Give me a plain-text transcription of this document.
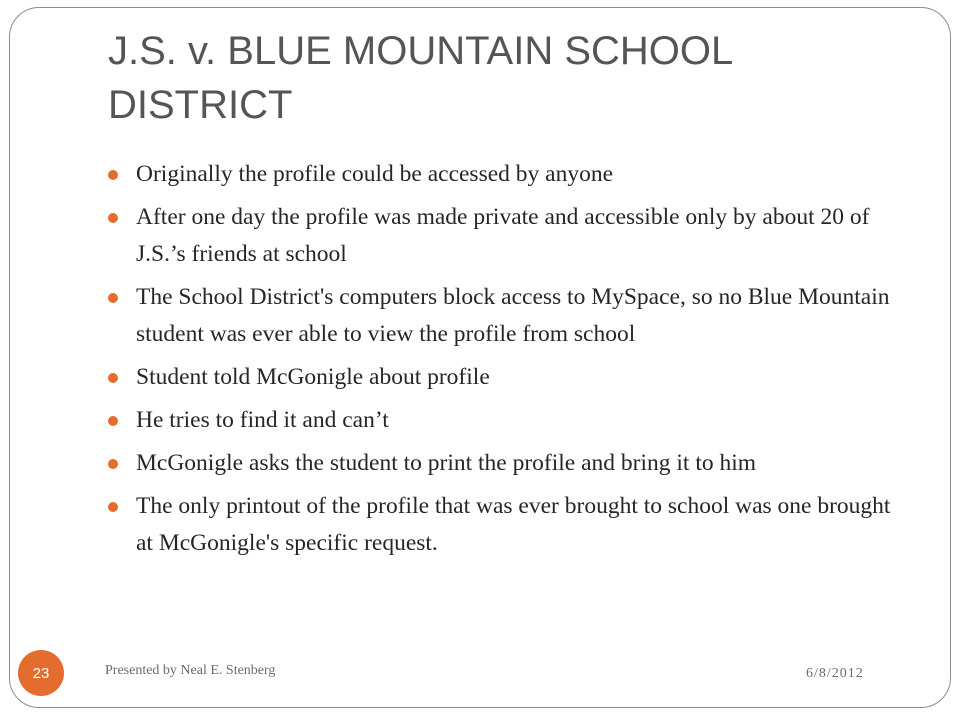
J.S. v. BLUE MOUNTAIN SCHOOL DISTRICT
Originally the profile could be accessed by anyone
After one day the profile was made private and accessible only by about 20 of J.S.’s friends at school
The School District's computers block access to MySpace, so no Blue Mountain student was ever able to view the profile from school
Student told McGonigle about profile
He tries to find it and can’t
McGonigle asks the student to print the profile and bring it to him
The only printout of the profile that was ever brought to school was one brought at McGonigle's specific request.
23	Presented by Neal E. Stenberg	6/8/2012
